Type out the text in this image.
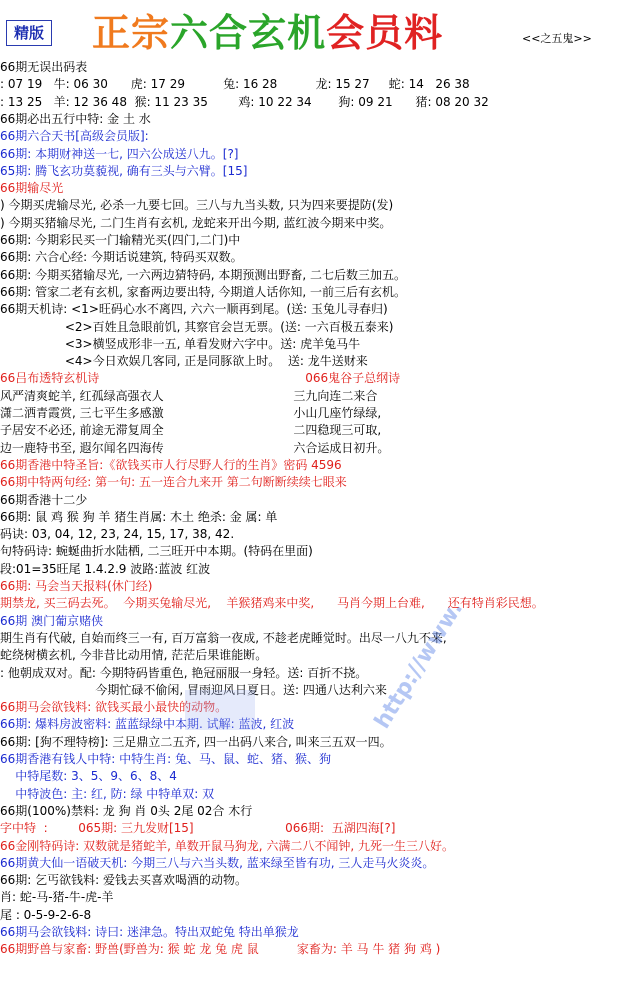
精版 正宗六合玄机会员料	<<之五鬼>>
66期无误出码表
: 07 19   牛: 06 30      虎: 17 29          兔: 16 28          龙: 15 27     蛇: 14   26 38
: 13 25   羊: 12 36 48  猴: 11 23 35        鸡: 10 22 34       狗: 09 21      猪: 08 20 32
66期必出五行中特: 金 土 水
66期六合天书[高级会员版]:
66期: 本期财神送一七, 四六公成送八九。[?]
65期: 腾飞玄功莫藐视, 确有三头与六臂。[15]
66期输尽光
) 今期买虎输尽光, 必杀一九要七回。三八与九当头数, 只为四来要提防(发)
) 今期买猪输尽光, 二门生肖有玄机, 龙蛇来开出今期, 蓝红波今期来中奖。
66期: 今期彩民买一门输精光买(四门,二门)中
66期: 六合心经: 今期话说建筑, 特码买双数。
66期: 今期买猪输尽光, 一六两边猜特码, 本期预测出野畜, 二七后数三加五。
66期: 管家二老有玄机, 家畜两边要出特, 今期道人话你知, 一前三后有玄机。
66期天机诗: <1>旺码心水不离四, 六六一顺再到尾。(送: 玉兔儿寻春归)
<2>百姓且急眼前饥, 其察官会岂无票。(送: 一六百极五泰来)
<3>横竖成形非一五, 单看发财六字中。送: 虎羊兔马牛
<4>今日欢娱几客同, 正是同豚欲上时。  送: 龙牛送财来
66吕布透特玄机诗                                                      066鬼谷子总纲诗
风严清爽蛇羊, 红孤绿高强衣人                                  三九向连二来合
潇二洒青霞赏, 三七平生多感激                                  小山几座竹绿绿,
子居安不必还, 前途无滞复周全                                  二四稳现三可取,
边一鹿特书至, 遐尔闻名四海传                                  六合运成日初升。
66期香港中特圣旨:《欲钱买市人行尽野人行的生肖》密码 4596
66期中特两句经: 第一句: 五一连合九来开 第二句断断续续七眼来
66期香港十二少
66期: 鼠 鸡 猴 狗 羊 猪生肖属: 木土 绝杀: 金 属: 单
码诀: 03, 04, 12, 23, 24, 15, 17, 38, 42.
句特码诗: 蜿蜒曲折水陆栖, 二三旺开中本期。(特码在里面)
段:01=35旺尾 1.4.2.9 波路:蓝波 红波
66期: 马会当天报料(休门经)
期禁龙, 买三码去死。  今期买兔输尽光,    羊猴猪鸡来中奖,      马肖今期上台难,      还有特肖彩民想。
66期 澳门葡京赌侠
期生肖有代破, 自始而终三一有, 百万富翁一夜成, 不趁老虎睡觉时。出尽一八九不来,
蛇绕树横玄机, 今非昔比动用情, 茫茫后果谁能断。
: 他朝成双对。配: 今期特码皆重色, 艳冠丽服一身轻。送: 百折不挠。
今期忙碌不偷闲, 冒雨迎风日夏日。送: 四通八达利六来
66期马会欲钱料: 欲钱买最小最快的动物。
66期: 爆料房波密料: 蓝蓝绿绿中本期. 试解: 蓝波, 红波
66期: [狗不理特榜]: 三足鼎立二五齐, 四一出码八来合, 叫来三五双一四。
66期香港有钱人中特: 中特生肖: 兔、马、鼠、蛇、猪、猴、狗
中特尾数: 3、5、9、6、8、4
中特波色: 主: 红, 防: 绿 中特单双: 双
66期(100%)禁料: 龙 狗 肖 0头 2尾 02合 木行
字中特  :        065期: 三九发财[15]                        066期:  五湖四海[?]
66金刚特码诗: 双数就是猪蛇羊, 单数开鼠马狗龙, 六满二八不闻钟, 九死一生三八好。
66期黄大仙一语破天机: 今期三八与六当头数, 蓝来绿至皆有功, 三人走马火炎炎。
66期: 乞丐欲钱料: 爱钱去买喜欢喝酒的动物。
肖: 蛇-马-猪-牛-虎-羊
尾 : 0-5-9-2-6-8
66期马会欲钱料: 诗曰: 迷津急。特出双蛇兔 特出单猴龙
66期野兽与家畜: 野兽(野兽为: 猴 蛇 龙 兔 虎 鼠          家畜为: 羊 马 牛 猪 狗 鸡 )
http://www.
